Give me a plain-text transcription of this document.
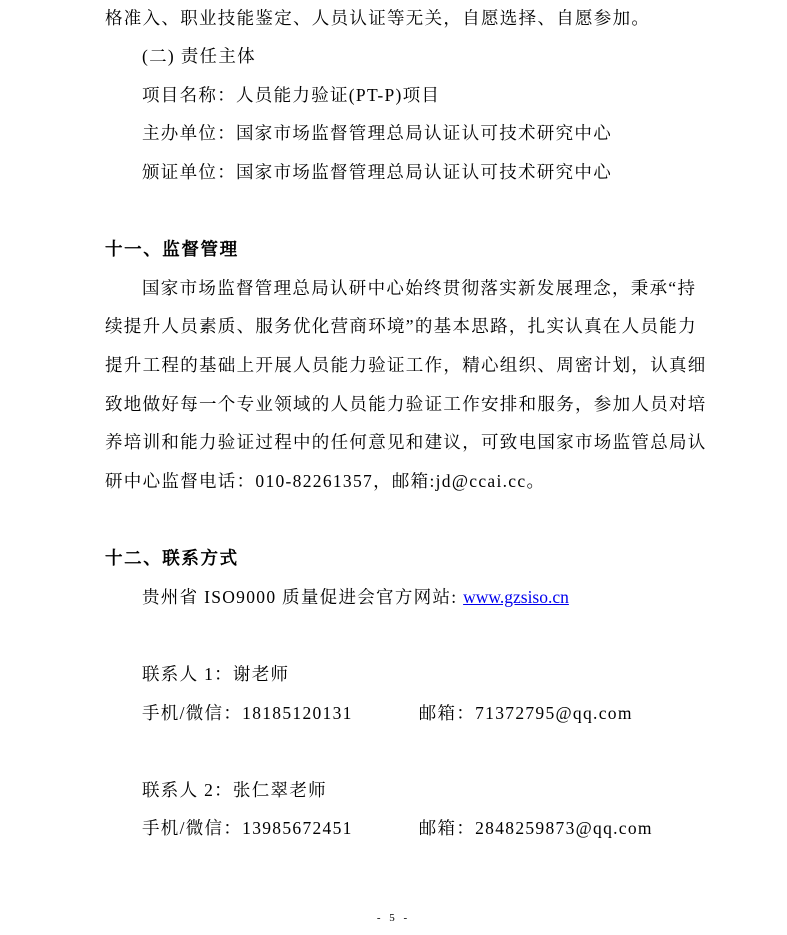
格准入、职业技能鉴定、人员认证等无关，自愿选择、自愿参加。
(二) 责任主体
项目名称：人员能力验证(PT-P)项目
主办单位：国家市场监督管理总局认证认可技术研究中心
颁证单位：国家市场监督管理总局认证认可技术研究中心
十一、监督管理
国家市场监督管理总局认研中心始终贯彻落实新发展理念，秉承“持
续提升人员素质、服务优化营商环境”的基本思路，扎实认真在人员能力
提升工程的基础上开展人员能力验证工作，精心组织、周密计划，认真细
致地做好每一个专业领域的人员能力验证工作安排和服务，参加人员对培
养培训和能力验证过程中的任何意见和建议，可致电国家市场监管总局认
研中心监督电话：010-82261357，邮箱:jd@ccai.cc。
十二、联系方式
贵州省 ISO9000 质量促进会官方网站: www.gzsiso.cn
联系人 1：谢老师
手机/微信：18185120131	邮箱：71372795@qq.com
联系人 2：张仁翠老师
手机/微信：13985672451	邮箱：2848259873@qq.com
- 5 -
